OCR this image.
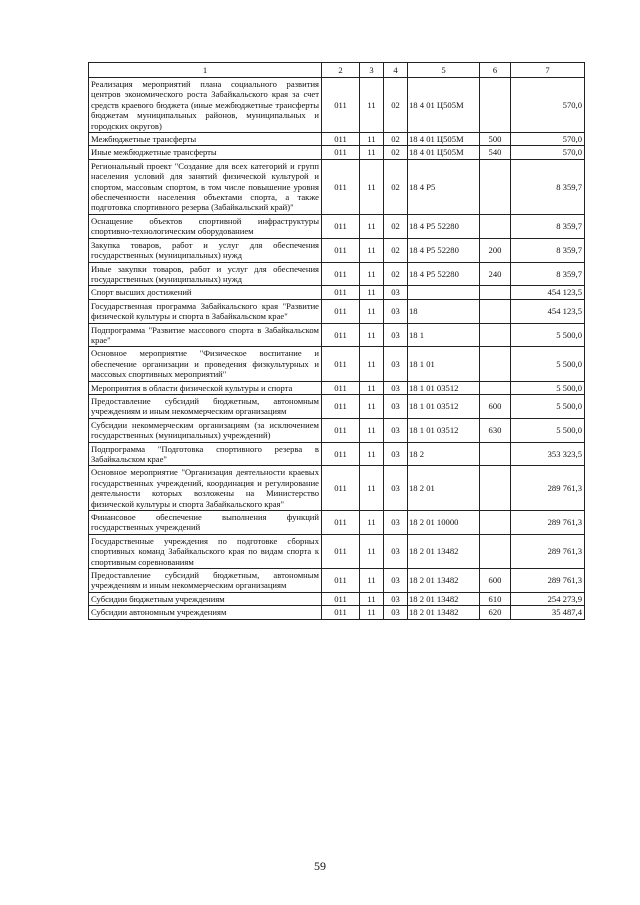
1	2	3	4	5	6	7
Реализация мероприятий плана социального развития центров экономического роста Забайкальского края за счет средств краевого бюджета (иные межбюджетные трансферты бюджетам муниципальных районов, муниципальных и городских округов)	011	11	02	18 4 01 Ц505М		570,0
Межбюджетные трансферты	011	11	02	18 4 01 Ц505М	500	570,0
Иные межбюджетные трансферты	011	11	02	18 4 01 Ц505М	540	570,0
Региональный проект "Создание для всех категорий и групп населения условий для занятий физической культурой и спортом, массовым спортом, в том числе повышение уровня обеспеченности населения объектами спорта, а также подготовка спортивного резерва (Забайкальский край)"	011	11	02	18 4 P5		8 359,7
Оснащение объектов спортивной инфраструктуры спортивно-технологическим оборудованием	011	11	02	18 4 P5 52280		8 359,7
Закупка товаров, работ и услуг для обеспечения государственных (муниципальных) нужд	011	11	02	18 4 P5 52280	200	8 359,7
Иные закупки товаров, работ и услуг для обеспечения государственных (муниципальных) нужд	011	11	02	18 4 P5 52280	240	8 359,7
Спорт высших достижений	011	11	03			454 123,5
Государственная программа Забайкальского края "Развитие физической культуры и спорта в Забайкальском крае"	011	11	03	18		454 123,5
Подпрограмма "Развитие массового спорта в Забайкальском крае"	011	11	03	18 1		5 500,0
Основное мероприятие "Физическое воспитание и обеспечение организации и проведения физкультурных и массовых спортивных мероприятий"	011	11	03	18 1 01		5 500,0
Мероприятия в области физической культуры и спорта	011	11	03	18 1 01 03512		5 500,0
Предоставление субсидий бюджетным, автономным учреждениям и иным некоммерческим организациям	011	11	03	18 1 01 03512	600	5 500,0
Субсидии некоммерческим организациям (за исключением государственных (муниципальных) учреждений)	011	11	03	18 1 01 03512	630	5 500,0
Подпрограмма "Подготовка спортивного резерва в Забайкальском крае"	011	11	03	18 2		353 323,5
Основное мероприятие "Организация деятельности краевых государственных учреждений, координация и регулирование деятельности которых возложены на Министерство физической культуры и спорта Забайкальского края"	011	11	03	18 2 01		289 761,3
Финансовое обеспечение выполнения функций государственных учреждений	011	11	03	18 2 01 10000		289 761,3
Государственные учреждения по подготовке сборных спортивных команд Забайкальского края по видам спорта к спортивным соревнованиям	011	11	03	18 2 01 13482		289 761,3
Предоставление субсидий бюджетным, автономным учреждениям и иным некоммерческим организациям	011	11	03	18 2 01 13482	600	289 761,3
Субсидии бюджетным учреждениям	011	11	03	18 2 01 13482	610	254 273,9
Субсидии автономным учреждениям	011	11	03	18 2 01 13482	620	35 487,4
59
